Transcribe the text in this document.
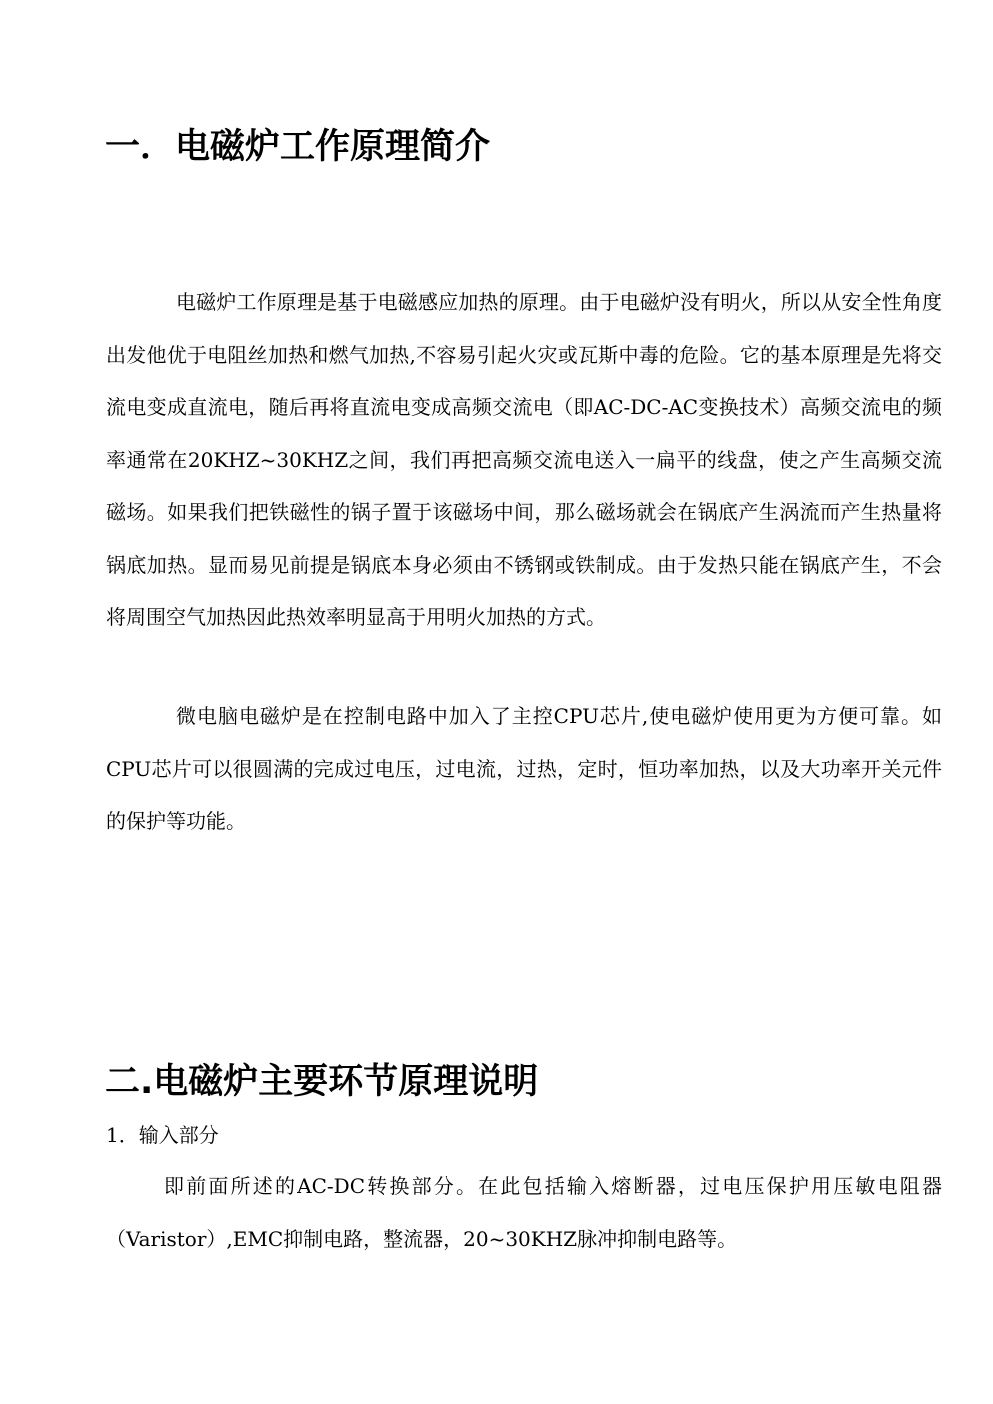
一．电磁炉工作原理简介

电磁炉工作原理是基于电磁感应加热的原理。由于电磁炉没有明火，所以从安全性角度出发他优于电阻丝加热和燃气加热,不容易引起火灾或瓦斯中毒的危险。它的基本原理是先将交流电变成直流电，随后再将直流电变成高频交流电（即AC-DC-AC变换技术）高频交流电的频率通常在20KHZ~30KHZ之间，我们再把高频交流电送入一扁平的线盘，使之产生高频交流磁场。如果我们把铁磁性的锅子置于该磁场中间，那么磁场就会在锅底产生涡流而产生热量将锅底加热。显而易见前提是锅底本身必须由不锈钢或铁制成。由于发热只能在锅底产生，不会将周围空气加热因此热效率明显高于用明火加热的方式。

微电脑电磁炉是在控制电路中加入了主控CPU芯片,使电磁炉使用更为方便可靠。如CPU芯片可以很圆满的完成过电压，过电流，过热，定时，恒功率加热，以及大功率开关元件的保护等功能。

二.电磁炉主要环节原理说明
1．输入部分

即前面所述的AC-DC转换部分。在此包括输入熔断器，过电压保护用压敏电阻器（Varistor）,EMC抑制电路，整流器，20~30KHZ脉冲抑制电路等。
